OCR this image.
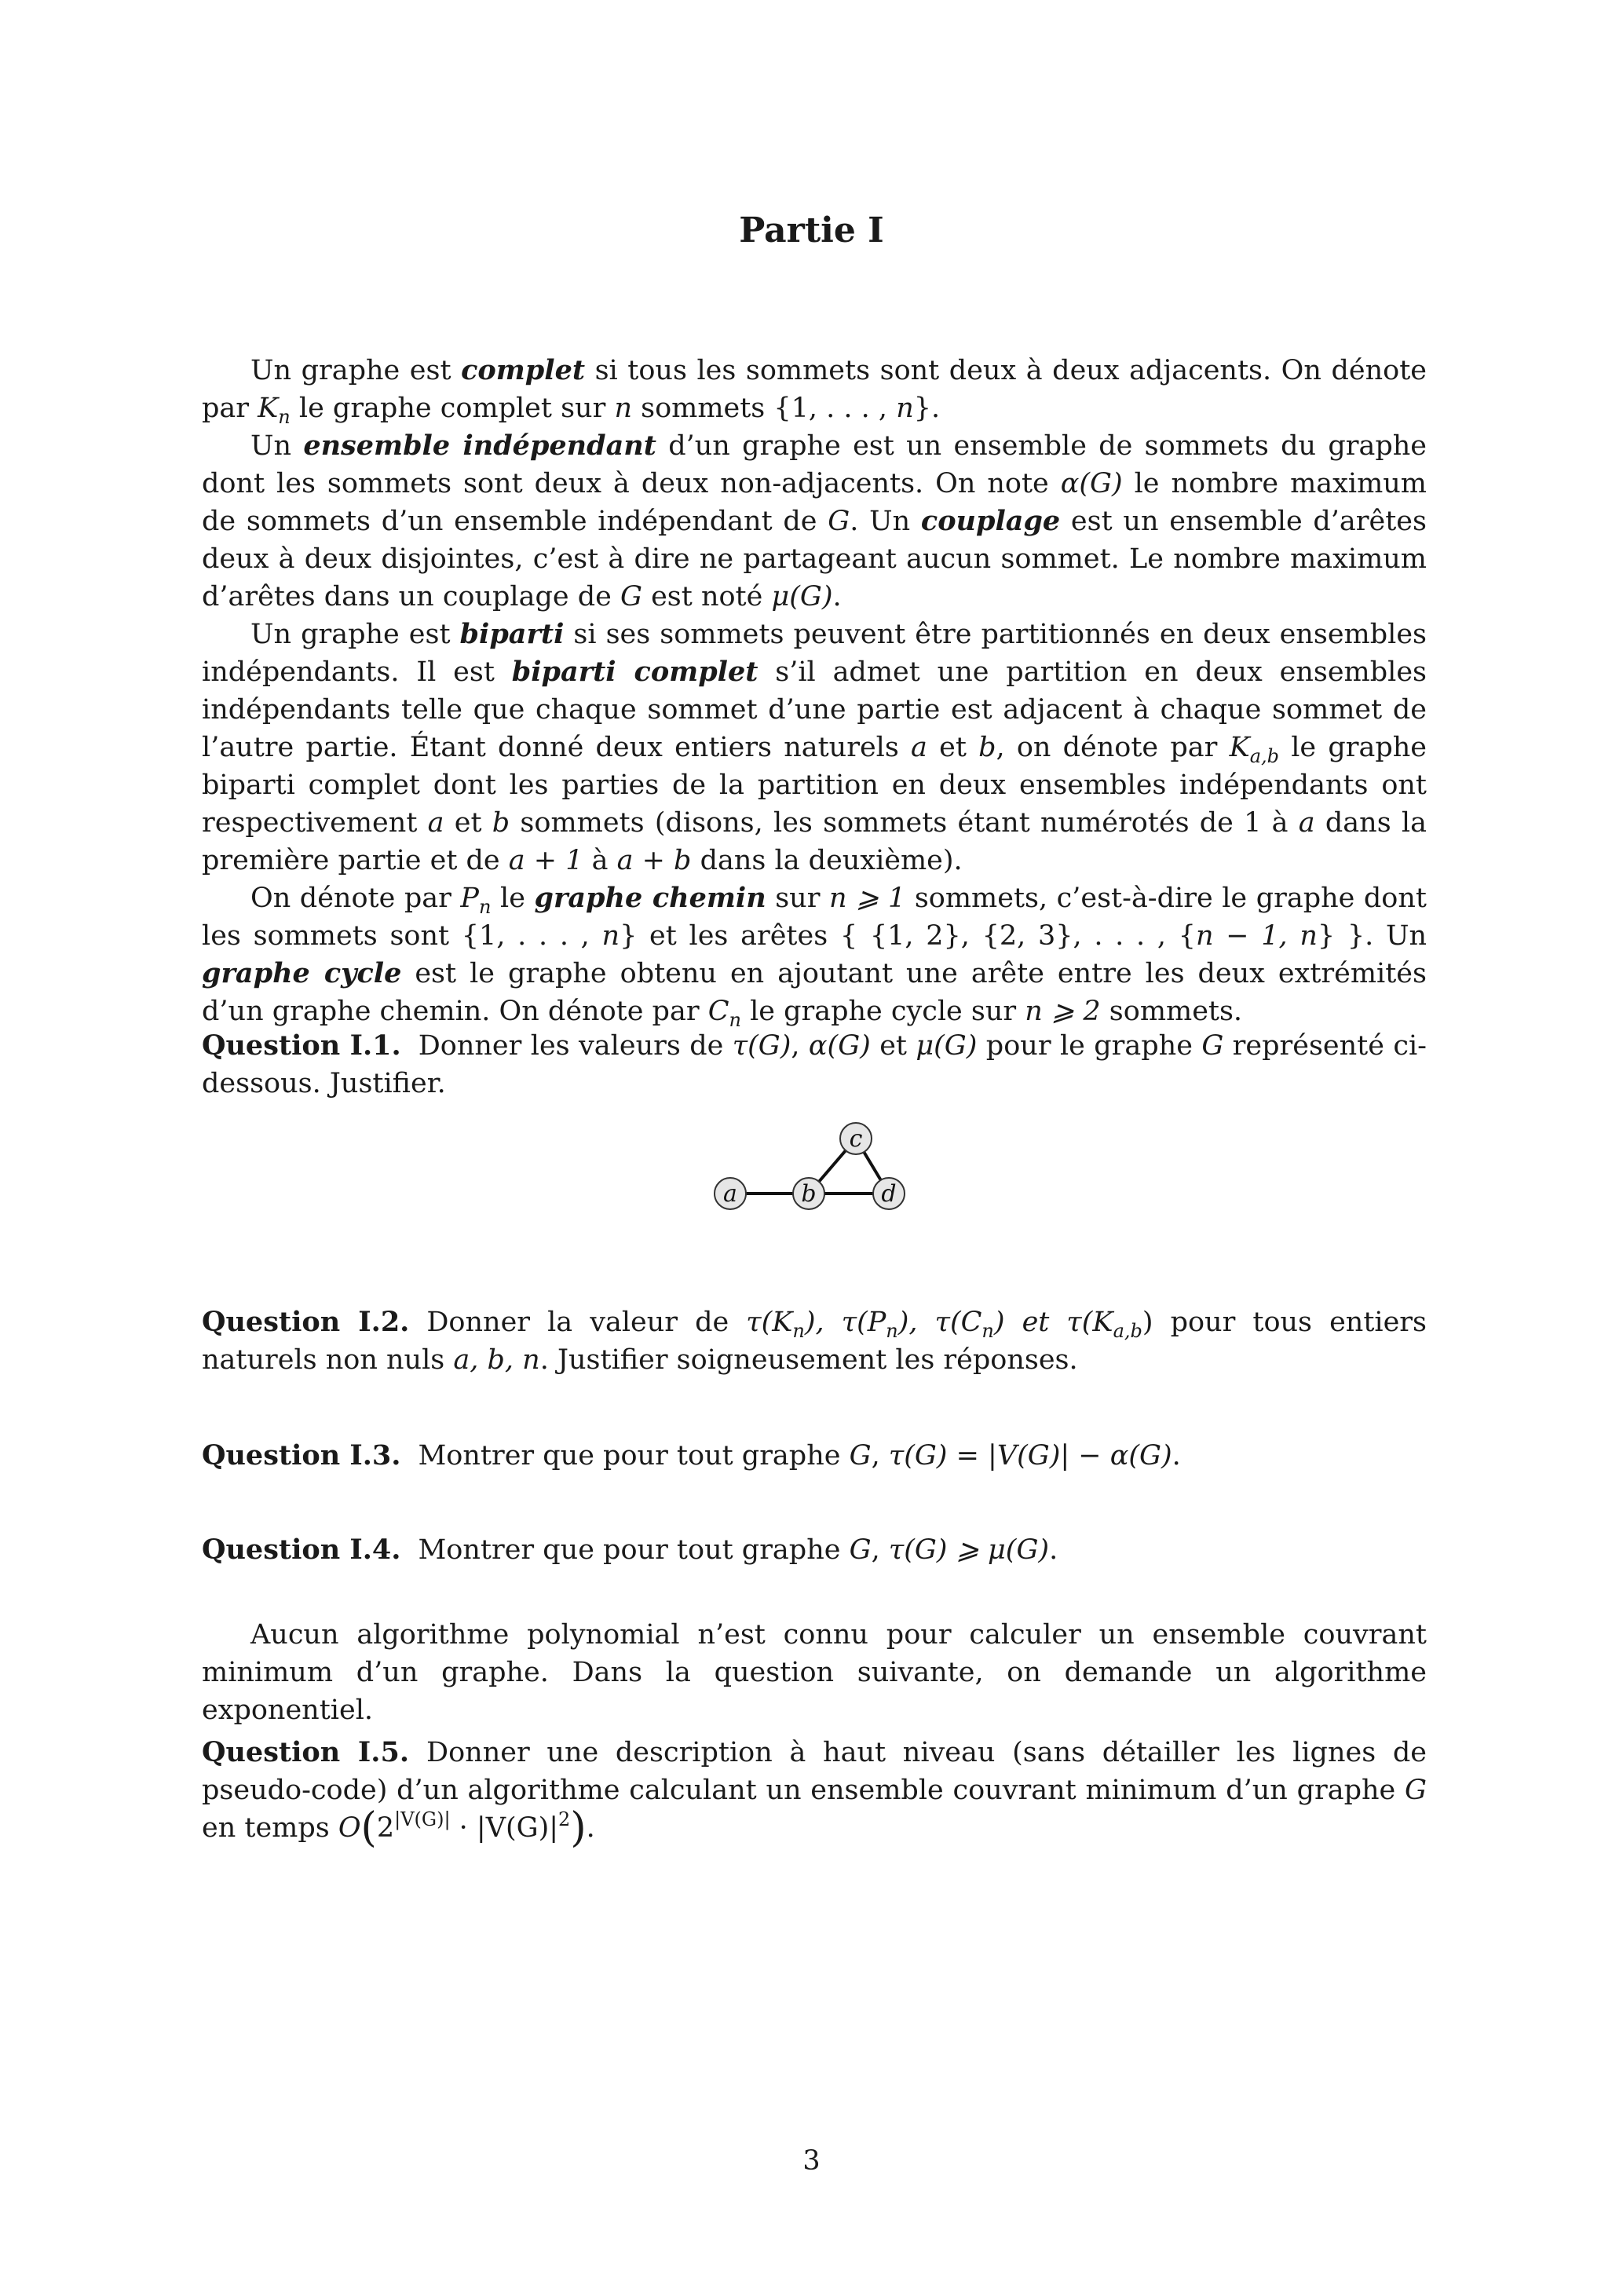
Partie I

Un graphe est complet si tous les sommets sont deux à deux adjacents. On dénote par $K_n$ le graphe complet sur n sommets {1, . . . , n}.

Un ensemble indépendant d’un graphe est un ensemble de sommets du graphe dont les sommets sont deux à deux non-adjacents. On note α(G) le nombre maximum de sommets d’un ensemble indépendant de G. Un couplage est un ensemble d’arêtes deux à deux disjointes, c’est à dire ne partageant aucun sommet. Le nombre maximum d’arêtes dans un couplage de G est noté μ(G).

Un graphe est biparti si ses sommets peuvent être partitionnés en deux ensembles indépendants. Il est biparti complet s’il admet une partition en deux ensembles indépendants telle que chaque sommet d’une partie est adjacent à chaque sommet de l’autre partie. Étant donné deux entiers naturels a et b, on dénote par $K_{a,b}$ le graphe biparti complet dont les parties de la partition en deux ensembles indépendants ont respectivement a et b sommets (disons, les sommets étant numérotés de 1 à a dans la première partie et de a + 1 à a + b dans la deuxième).

On dénote par $P_n$ le graphe chemin sur n ⩾ 1 sommets, c’est-à-dire le graphe dont les sommets sont {1, . . . , n} et les arêtes { {1, 2}, {2, 3}, . . . , {n − 1, n} }. Un graphe cycle est le graphe obtenu en ajoutant une arête entre les deux extrémités d’un graphe chemin. On dénote par $C_n$ le graphe cycle sur n ⩾ 2 sommets.

Question I.1. Donner les valeurs de τ(G), α(G) et μ(G) pour le graphe G représenté ci-dessous. Justifier.

a	b
c
d

Question I.2. Donner la valeur de $\tau(K_n)$, $\tau(P_n)$, $\tau(C_n)$ et $\tau(K_{a,b})$ pour tous entiers naturels non nuls a, b, n. Justifier soigneusement les réponses.

Question I.3. Montrer que pour tout graphe G, τ(G) = |V(G)| − α(G).

Question I.4. Montrer que pour tout graphe G, τ(G) ⩾ μ(G).

Aucun algorithme polynomial n’est connu pour calculer un ensemble couvrant minimum d’un graphe. Dans la question suivante, on demande un algorithme exponentiel.

Question I.5. Donner une description à haut niveau (sans détailler les lignes de pseudo-code) d’un algorithme calculant un ensemble couvrant minimum d’un graphe G en temps $O(2^{|V(G)|} \cdot |V(G)|^2)$.

3
